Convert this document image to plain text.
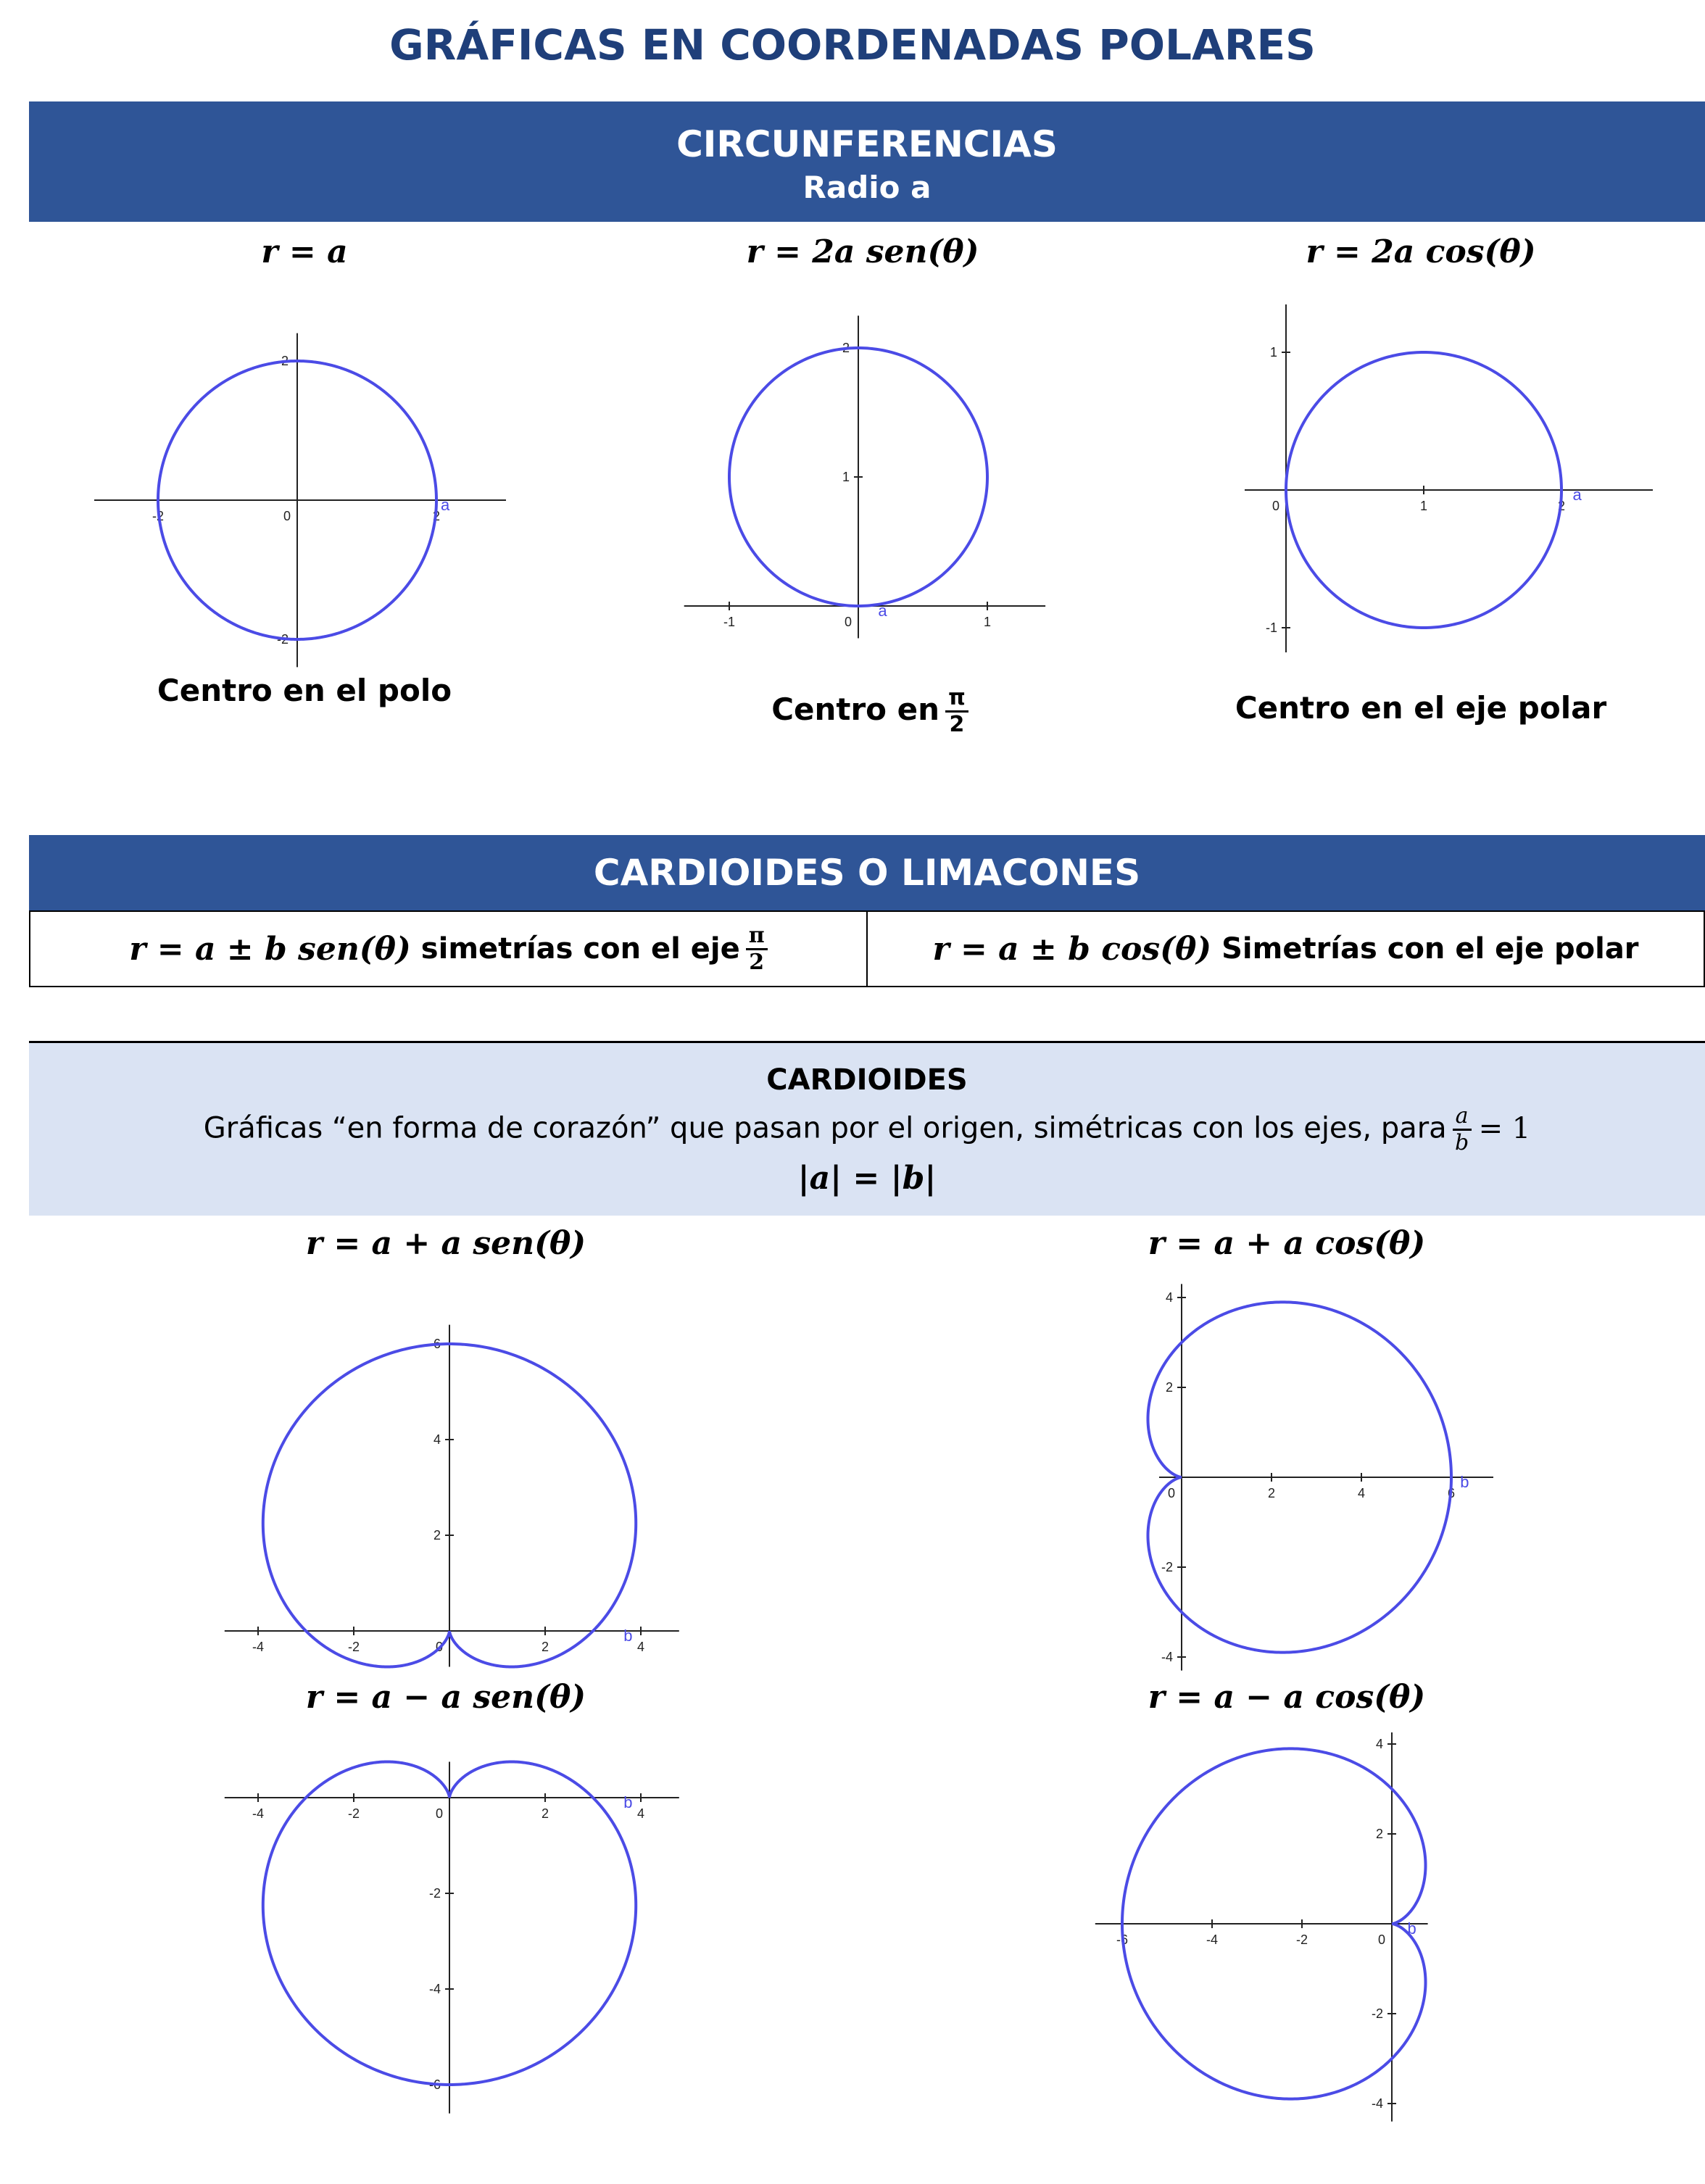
GRÁFICAS EN COORDENADAS POLARES
CIRCUNFERENCIAS
Radio a
r = a	r = 2a sen(θ)	r = 2a cos(θ)
-2	0	2
2
-2
a
-1	0	1
2
1
a
0	1	2
1
-1
a
Centro en el polo
Centro en $\frac{\pi}{2}$	Centro en el eje polar
CARDIOIDES O LIMACONES
r = a ± b sen(θ) simetrías con el eje $\frac{\pi}{2}$	r = a ± b cos(θ) Simetrías con el eje polar
CARDIOIDES
Gráficas “en forma de corazón” que pasan por el origen, simétricas con los ejes, para $\frac{a}{b} = 1$
|a| = |b|
r = a + a sen(θ)	r = a + a cos(θ)
r = a − a sen(θ)	r = a − a cos(θ)
-4	-2	0	2	4
6
4
2
b
0	2	4	6
4
2
-2
-4
b
-4	-2	0	2	4
-2
-4
-6
b
-6	-4	-2	0
4
2
-2
-4
b
